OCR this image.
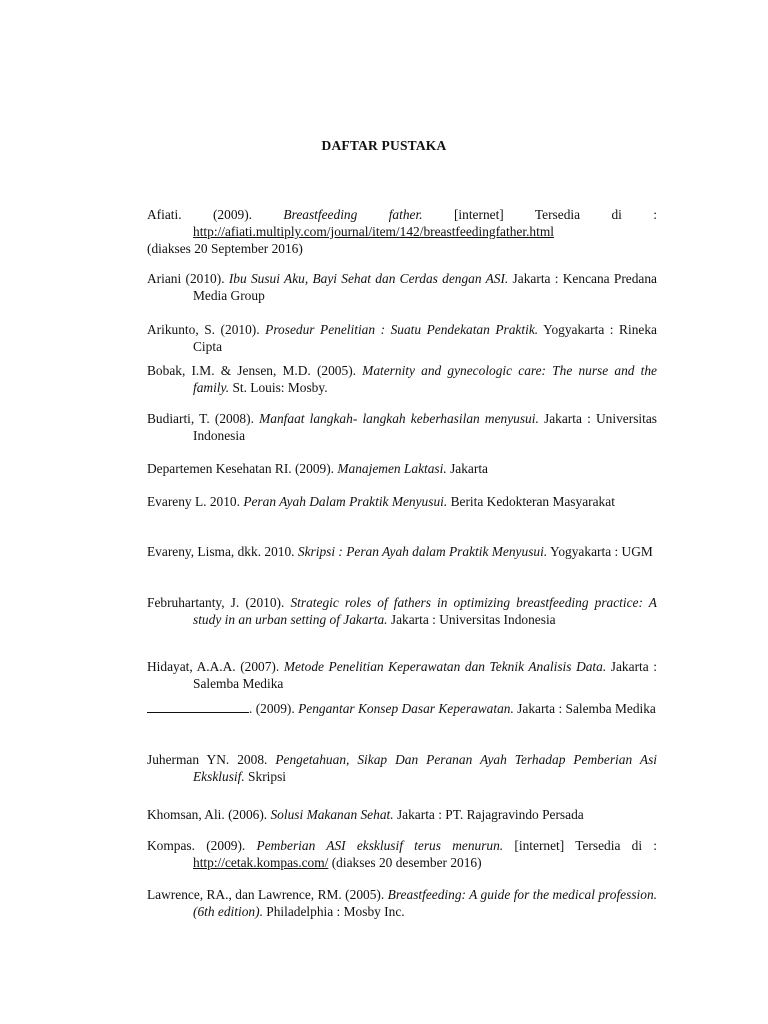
DAFTAR PUSTAKA
Afiati. (2009). Breastfeeding father. [internet] Tersedia di : http://afiati.multiply.com/journal/item/142/breastfeedingfather.html
(diakses 20 September 2016)
Ariani (2010). Ibu Susui Aku, Bayi Sehat dan Cerdas dengan ASI. Jakarta : Kencana Predana Media Group
Arikunto, S. (2010). Prosedur Penelitian : Suatu Pendekatan Praktik. Yogyakarta : Rineka Cipta
Bobak, I.M. & Jensen, M.D. (2005). Maternity and gynecologic care: The nurse and the family. St. Louis: Mosby.
Budiarti, T. (2008). Manfaat langkah- langkah keberhasilan menyusui. Jakarta : Universitas Indonesia
Departemen Kesehatan RI. (2009). Manajemen Laktasi. Jakarta
Evareny L. 2010. Peran Ayah Dalam Praktik Menyusui. Berita Kedokteran Masyarakat
Evareny, Lisma, dkk. 2010. Skripsi : Peran Ayah dalam Praktik Menyusui. Yogyakarta : UGM
Februhartanty, J. (2010). Strategic roles of fathers in optimizing breastfeeding practice: A study in an urban setting of Jakarta. Jakarta : Universitas Indonesia
Hidayat, A.A.A. (2007). Metode Penelitian Keperawatan dan Teknik Analisis Data. Jakarta : Salemba Medika
. (2009). Pengantar Konsep Dasar Keperawatan. Jakarta : Salemba Medika
Juherman YN. 2008. Pengetahuan, Sikap Dan Peranan Ayah Terhadap Pemberian Asi Eksklusif. Skripsi
Khomsan, Ali. (2006). Solusi Makanan Sehat. Jakarta : PT. Rajagravindo Persada
Kompas. (2009). Pemberian ASI eksklusif terus menurun. [internet] Tersedia di : http://cetak.kompas.com/ (diakses 20 desember 2016)
Lawrence, RA., dan Lawrence, RM. (2005). Breastfeeding: A guide for the medical profession. (6th edition). Philadelphia : Mosby Inc.
